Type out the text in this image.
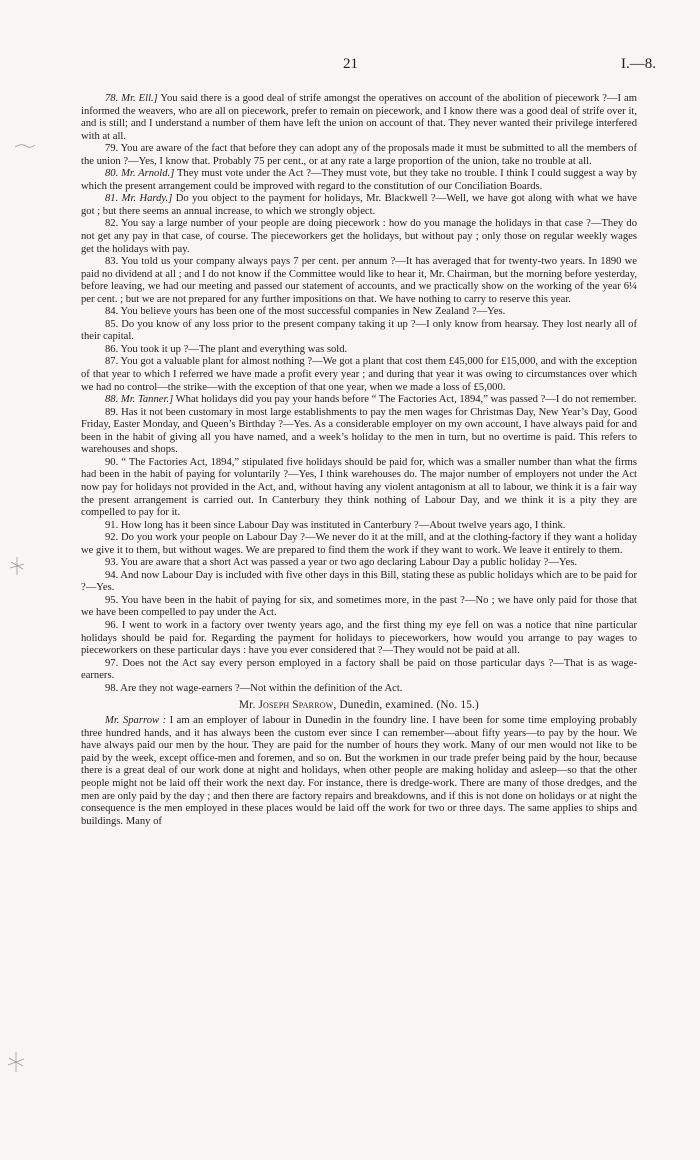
21	I.—8.

78. Mr. Ell.] You said there is a good deal of strife amongst the operatives on account of the abolition of piecework ?—I am informed the weavers, who are all on piecework, prefer to remain on piecework, and I know there was a good deal of strife over it, and is still; and I understand a number of them have left the union on account of that. They never wanted their privilege interfered with at all.

79. You are aware of the fact that before they can adopt any of the proposals made it must be submitted to all the members of the union ?—Yes, I know that. Probably 75 per cent., or at any rate a large proportion of the union, take no trouble at all.

80. Mr. Arnold.] They must vote under the Act ?—They must vote, but they take no trouble. I think I could suggest a way by which the present arrangement could be improved with regard to the constitution of our Conciliation Boards.

81. Mr. Hardy.] Do you object to the payment for holidays, Mr. Blackwell ?—Well, we have got along with what we have got ; but there seems an annual increase, to which we strongly object.

82. You say a large number of your people are doing piecework : how do you manage the holidays in that case ?—They do not get any pay in that case, of course. The pieceworkers get the holidays, but without pay ; only those on regular weekly wages get the holidays with pay.

83. You told us your company always pays 7 per cent. per annum ?—It has averaged that for twenty-two years. In 1890 we paid no dividend at all ; and I do not know if the Committee would like to hear it, Mr. Chairman, but the morning before yesterday, before leaving, we had our meeting and passed our statement of accounts, and we practically show on the working of the year 6¼ per cent. ; but we are not prepared for any further impositions on that. We have nothing to carry to reserve this year.

84. You believe yours has been one of the most successful companies in New Zealand ?—Yes.

85. Do you know of any loss prior to the present company taking it up ?—I only know from hearsay. They lost nearly all of their capital.

86. You took it up ?—The plant and everything was sold.

87. You got a valuable plant for almost nothing ?—We got a plant that cost them £45,000 for £15,000, and with the exception of that year to which I referred we have made a profit every year ; and during that year it was owing to circumstances over which we had no control—the strike—with the exception of that one year, when we made a loss of £5,000.

88. Mr. Tanner.] What holidays did you pay your hands before “ The Factories Act, 1894,” was passed ?—I do not remember.

89. Has it not been customary in most large establishments to pay the men wages for Christmas Day, New Year’s Day, Good Friday, Easter Monday, and Queen’s Birthday ?—Yes. As a considerable employer on my own account, I have always paid for and been in the habit of giving all you have named, and a week’s holiday to the men in turn, but no overtime is paid. This refers to warehouses and shops.

90. “ The Factories Act, 1894,” stipulated five holidays should be paid for, which was a smaller number than what the firms had been in the habit of paying for voluntarily ?—Yes, I think warehouses do. The major number of employers not under the Act now pay for holidays not provided in the Act, and, without having any violent antagonism at all to labour, we think it is a fair way the present arrangement is carried out. In Canterbury they think nothing of Labour Day, and we think it is a pity they are compelled to pay for it.

91. How long has it been since Labour Day was instituted in Canterbury ?—About twelve years ago, I think.

92. Do you work your people on Labour Day ?—We never do it at the mill, and at the clothing-factory if they want a holiday we give it to them, but without wages. We are prepared to find them the work if they want to work. We leave it entirely to them.

93. You are aware that a short Act was passed a year or two ago declaring Labour Day a public holiday ?—Yes.

94. And now Labour Day is included with five other days in this Bill, stating these as public holidays which are to be paid for ?—Yes.

95. You have been in the habit of paying for six, and sometimes more, in the past ?—No ; we have only paid for those that we have been compelled to pay under the Act.

96. I went to work in a factory over twenty years ago, and the first thing my eye fell on was a notice that nine particular holidays should be paid for. Regarding the payment for holidays to pieceworkers, how would you arrange to pay wages to pieceworkers on these particular days : have you ever considered that ?—They would not be paid at all.

97. Does not the Act say every person employed in a factory shall be paid on those particular days ?—That is as wage-earners.

98. Are they not wage-earners ?—Not within the definition of the Act.

Mr. Joseph Sparrow, Dunedin, examined. (No. 15.)

Mr. Sparrow : I am an employer of labour in Dunedin in the foundry line. I have been for some time employing probably three hundred hands, and it has always been the custom ever since I can remember—about fifty years—to pay by the hour. We have always paid our men by the hour. They are paid for the number of hours they work. Many of our men would not like to be paid by the week, except office-men and foremen, and so on. But the workmen in our trade prefer being paid by the hour, because there is a great deal of our work done at night and holidays, when other people are making holiday and asleep—so that the other people might not be laid off their work the next day. For instance, there is dredge-work. There are many of those dredges, and the men are only paid by the day ; and then there are factory repairs and breakdowns, and if this is not done on holidays or at night the consequence is the men employed in these places would be laid off the work for two or three days. The same applies to ships and buildings. Many of
